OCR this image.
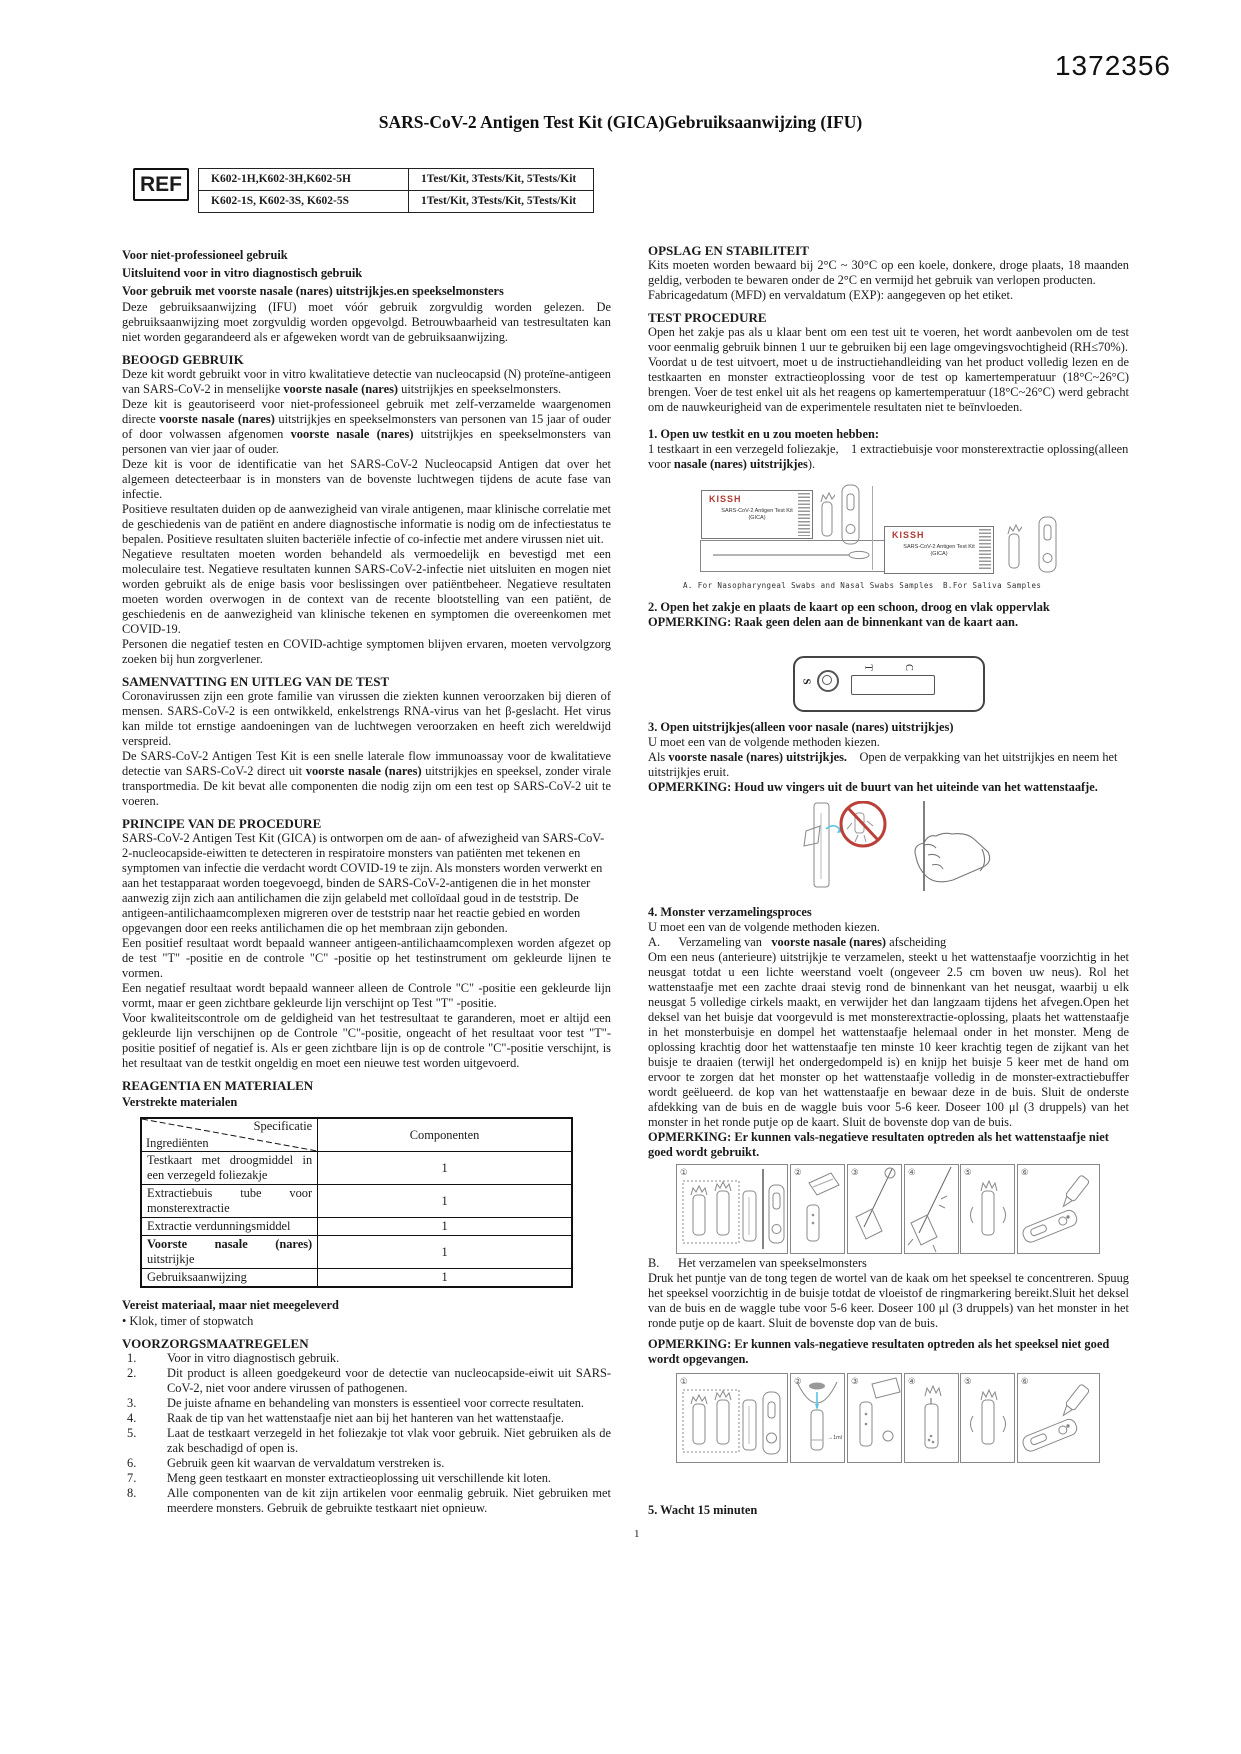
1372356
SARS-CoV-2 Antigen Test Kit (GICA)Gebruiksaanwijzing (IFU)
REF	K602-1H,K602-3H,K602-5H	1Test/Kit, 3Tests/Kit, 5Tests/Kit
K602-1S, K602-3S, K602-5S	1Test/Kit, 3Tests/Kit, 5Tests/Kit

Voor niet-professioneel gebruik

Uitsluitend voor in vitro diagnostisch gebruik

Voor gebruik met voorste nasale (nares) uitstrijkjes.en speekselmonsters

Deze gebruiksaanwijzing (IFU) moet vóór gebruik zorgvuldig worden gelezen. De gebruiksaanwijzing moet zorgvuldig worden opgevolgd. Betrouwbaarheid van testresultaten kan niet worden gegarandeerd als er afgeweken wordt van de gebruiksaanwijzing.

BEOOGD GEBRUIK

Deze kit wordt gebruikt voor in vitro kwalitatieve detectie van nucleocapsid (N) proteïne-antigeen van SARS-CoV-2 in menselijke voorste nasale (nares) uitstrijkjes en speekselmonsters.

Deze kit is geautoriseerd voor niet-professioneel gebruik met zelf-verzamelde waargenomen directe voorste nasale (nares) uitstrijkjes en speekselmonsters van personen van 15 jaar of ouder of door volwassen afgenomen voorste nasale (nares) uitstrijkjes en speekselmonsters van personen van vier jaar of ouder.

Deze kit is voor de identificatie van het SARS-CoV-2 Nucleocapsid Antigen dat over het algemeen detecteerbaar is in monsters van de bovenste luchtwegen tijdens de acute fase van infectie.

Positieve resultaten duiden op de aanwezigheid van virale antigenen, maar klinische correlatie met de geschiedenis van de patiënt en andere diagnostische informatie is nodig om de infectiestatus te bepalen. Positieve resultaten sluiten bacteriële infectie of co-infectie met andere virussen niet uit.

Negatieve resultaten moeten worden behandeld als vermoedelijk en bevestigd met een moleculaire test. Negatieve resultaten kunnen SARS-CoV-2-infectie niet uitsluiten en mogen niet worden gebruikt als de enige basis voor beslissingen over patiëntbeheer. Negatieve resultaten moeten worden overwogen in de context van de recente blootstelling van een patiënt, de geschiedenis en de aanwezigheid van klinische tekenen en symptomen die overeenkomen met COVID-19.

Personen die negatief testen en COVID-achtige symptomen blijven ervaren, moeten vervolgzorg zoeken bij hun zorgverlener.

SAMENVATTING EN UITLEG VAN DE TEST

Coronavirussen zijn een grote familie van virussen die ziekten kunnen veroorzaken bij dieren of mensen. SARS-CoV-2 is een ontwikkeld, enkelstrengs RNA-virus van het β-geslacht. Het virus kan milde tot ernstige aandoeningen van de luchtwegen veroorzaken en heeft zich wereldwijd verspreid.

De SARS-CoV-2 Antigen Test Kit is een snelle laterale flow immunoassay voor de kwalitatieve detectie van SARS-CoV-2 direct uit voorste nasale (nares) uitstrijkjes en speeksel, zonder virale transportmedia. De kit bevat alle componenten die nodig zijn om een test op SARS-CoV-2 uit te voeren.

PRINCIPE VAN DE PROCEDURE

SARS-CoV-2 Antigen Test Kit (GICA) is ontworpen om de aan- of afwezigheid van SARS-CoV-2-nucleocapside-eiwitten te detecteren in respiratoire monsters van patiënten met tekenen en symptomen van infectie die verdacht wordt COVID-19 te zijn. Als monsters worden verwerkt en aan het testapparaat worden toegevoegd, binden de SARS-CoV-2-antigenen die in het monster aanwezig zijn zich aan antilichamen die zijn gelabeld met colloïdaal goud in de teststrip. De antigeen-antilichaamcomplexen migreren over de teststrip naar het reactie gebied en worden opgevangen door een reeks antilichamen die op het membraan zijn gebonden.

Een positief resultaat wordt bepaald wanneer antigeen-antilichaamcomplexen worden afgezet op de test "T" -positie en de controle "C" -positie op het testinstrument om gekleurde lijnen te vormen.

Een negatief resultaat wordt bepaald wanneer alleen de Controle "C" -positie een gekleurde lijn vormt, maar er geen zichtbare gekleurde lijn verschijnt op Test "T" -positie.

Voor kwaliteitscontrole om de geldigheid van het testresultaat te garanderen, moet er altijd een gekleurde lijn verschijnen op de Controle "C"-positie, ongeacht of het resultaat voor test "T"-positie positief of negatief is. Als er geen zichtbare lijn is op de controle "C"-positie verschijnt, is het resultaat van de testkit ongeldig en moet een nieuwe test worden uitgevoerd.

REAGENTIA EN MATERIALEN

Verstrekte materialen

Specificatie
Ingrediënten	Componenten
Testkaart met droogmiddel in een verzegeld foliezakje	1
Extractiebuis tube voor monsterextractie	1
Extractie verdunningsmiddel	1
Voorste nasale (nares) uitstrijkje	1
Gebruiksaanwijzing	1

Vereist materiaal, maar niet meegeleverd

• Klok, timer of stopwatch

VOORZORGSMAATREGELEN

1.	Voor in vitro diagnostisch gebruik.
2.	Dit product is alleen goedgekeurd voor de detectie van nucleocapside-eiwit uit SARS-CoV-2, niet voor andere virussen of pathogenen.
3.	De juiste afname en behandeling van monsters is essentieel voor correcte resultaten.
4.	Raak de tip van het wattenstaafje niet aan bij het hanteren van het wattenstaafje.
5.	Laat de testkaart verzegeld in het foliezakje tot vlak voor gebruik. Niet gebruiken als de zak beschadigd of open is.
6.	Gebruik geen kit waarvan de vervaldatum verstreken is.
7.	Meng geen testkaart en monster extractieoplossing uit verschillende kit loten.
8.	Alle componenten van de kit zijn artikelen voor eenmalig gebruik. Niet gebruiken met meerdere monsters. Gebruik de gebruikte testkaart niet opnieuw.

OPSLAG EN STABILITEIT

Kits moeten worden bewaard bij 2°C ~ 30°C op een koele, donkere, droge plaats, 18 maanden geldig, verboden te bewaren onder de 2°C en vermijd het gebruik van verlopen producten.

Fabricagedatum (MFD) en vervaldatum (EXP): aangegeven op het etiket.

TEST PROCEDURE

Open het zakje pas als u klaar bent om een test uit te voeren, het wordt aanbevolen om de test voor eenmalig gebruik binnen 1 uur te gebruiken bij een lage omgevingsvochtigheid (RH≤70%).

Voordat u de test uitvoert, moet u de instructiehandleiding van het product volledig lezen en de testkaarten en monster extractieoplossing voor de test op kamertemperatuur (18°C~26°C) brengen. Voer de test enkel uit als het reagens op kamertemperatuur (18°C~26°C) werd gebracht om de nauwkeurigheid van de experimentele resultaten niet te beïnvloeden.

1. Open uw testkit en u zou moeten hebben:

1 testkaart in een verzegeld foliezakje,    1 extractiebuisje voor monsterextractie oplossing(alleen voor nasale (nares) uitstrijkjes).

KISSH
SARS-CoV-2 Antigen Test Kit
(GICA)
A. For Nasopharyngeal Swabs and Nasal Swabs Samples
KISSH
SARS-CoV-2 Antigen Test Kit
(GICA)
B.For Saliva Samples

2. Open het zakje en plaats de kaart op een schoon, droog en vlak oppervlak

OPMERKING: Raak geen delen aan de binnenkant van de kaart aan.

S
T	C

3. Open uitstrijkjes(alleen voor nasale (nares) uitstrijkjes)

U moet een van de volgende methoden kiezen.

Als voorste nasale (nares) uitstrijkjes.    Open de verpakking van het uitstrijkjes en neem het uitstrijkjes eruit.

OPMERKING: Houd uw vingers uit de buurt van het uiteinde van het wattenstaafje.

4. Monster verzamelingsproces

U moet een van de volgende methoden kiezen.

A.      Verzameling van   voorste nasale (nares) afscheiding

Om een neus (anterieure) uitstrijkje te verzamelen, steekt u het wattenstaafje voorzichtig in het neusgat totdat u een lichte weerstand voelt (ongeveer 2.5 cm boven uw neus). Rol het wattenstaafje met een zachte draai stevig rond de binnenkant van het neusgat, waarbij u elk neusgat 5 volledige cirkels maakt, en verwijder het dan langzaam tijdens het afvegen.Open het deksel van het buisje dat voorgevuld is met monsterextractie-oplossing, plaats het wattenstaafje in het monsterbuisje en dompel het wattenstaafje helemaal onder in het monster. Meng de oplossing krachtig door het wattenstaafje ten minste 10 keer krachtig tegen de zijkant van het buisje te draaien (terwijl het ondergedompeld is) en knijp het buisje 5 keer met de hand om ervoor te zorgen dat het monster op het wattenstaafje volledig in de monster-extractiebuffer wordt geëlueerd. de kop van het wattenstaafje en bewaar deze in de buis. Sluit de onderste afdekking van de buis en de waggle buis voor 5-6 keer. Doseer 100 μl (3 druppels) van het monster in het ronde putje op de kaart. Sluit de bovenste dop van de buis.

OPMERKING: Er kunnen vals-negatieve resultaten optreden als het wattenstaafje niet goed wordt gebruikt.

①	②	③	④	⑤	⑥

B.      Het verzamelen van speekselmonsters

Druk het puntje van de tong tegen de wortel van de kaak om het speeksel te concentreren. Spuug het speeksel voorzichtig in de buisje totdat de vloeistof de ringmarkering bereikt.Sluit het deksel van de buis en de waggle tube voor 5-6 keer. Doseer 100 μl (3 druppels) van het monster in het ronde putje op de kaart. Sluit de bovenste dop van de buis.

OPMERKING: Er kunnen vals-negatieve resultaten optreden als het speeksel niet goed wordt opgevangen.

①	②
→1ml
③	④	⑤	⑥

5. Wacht 15 minuten

1
